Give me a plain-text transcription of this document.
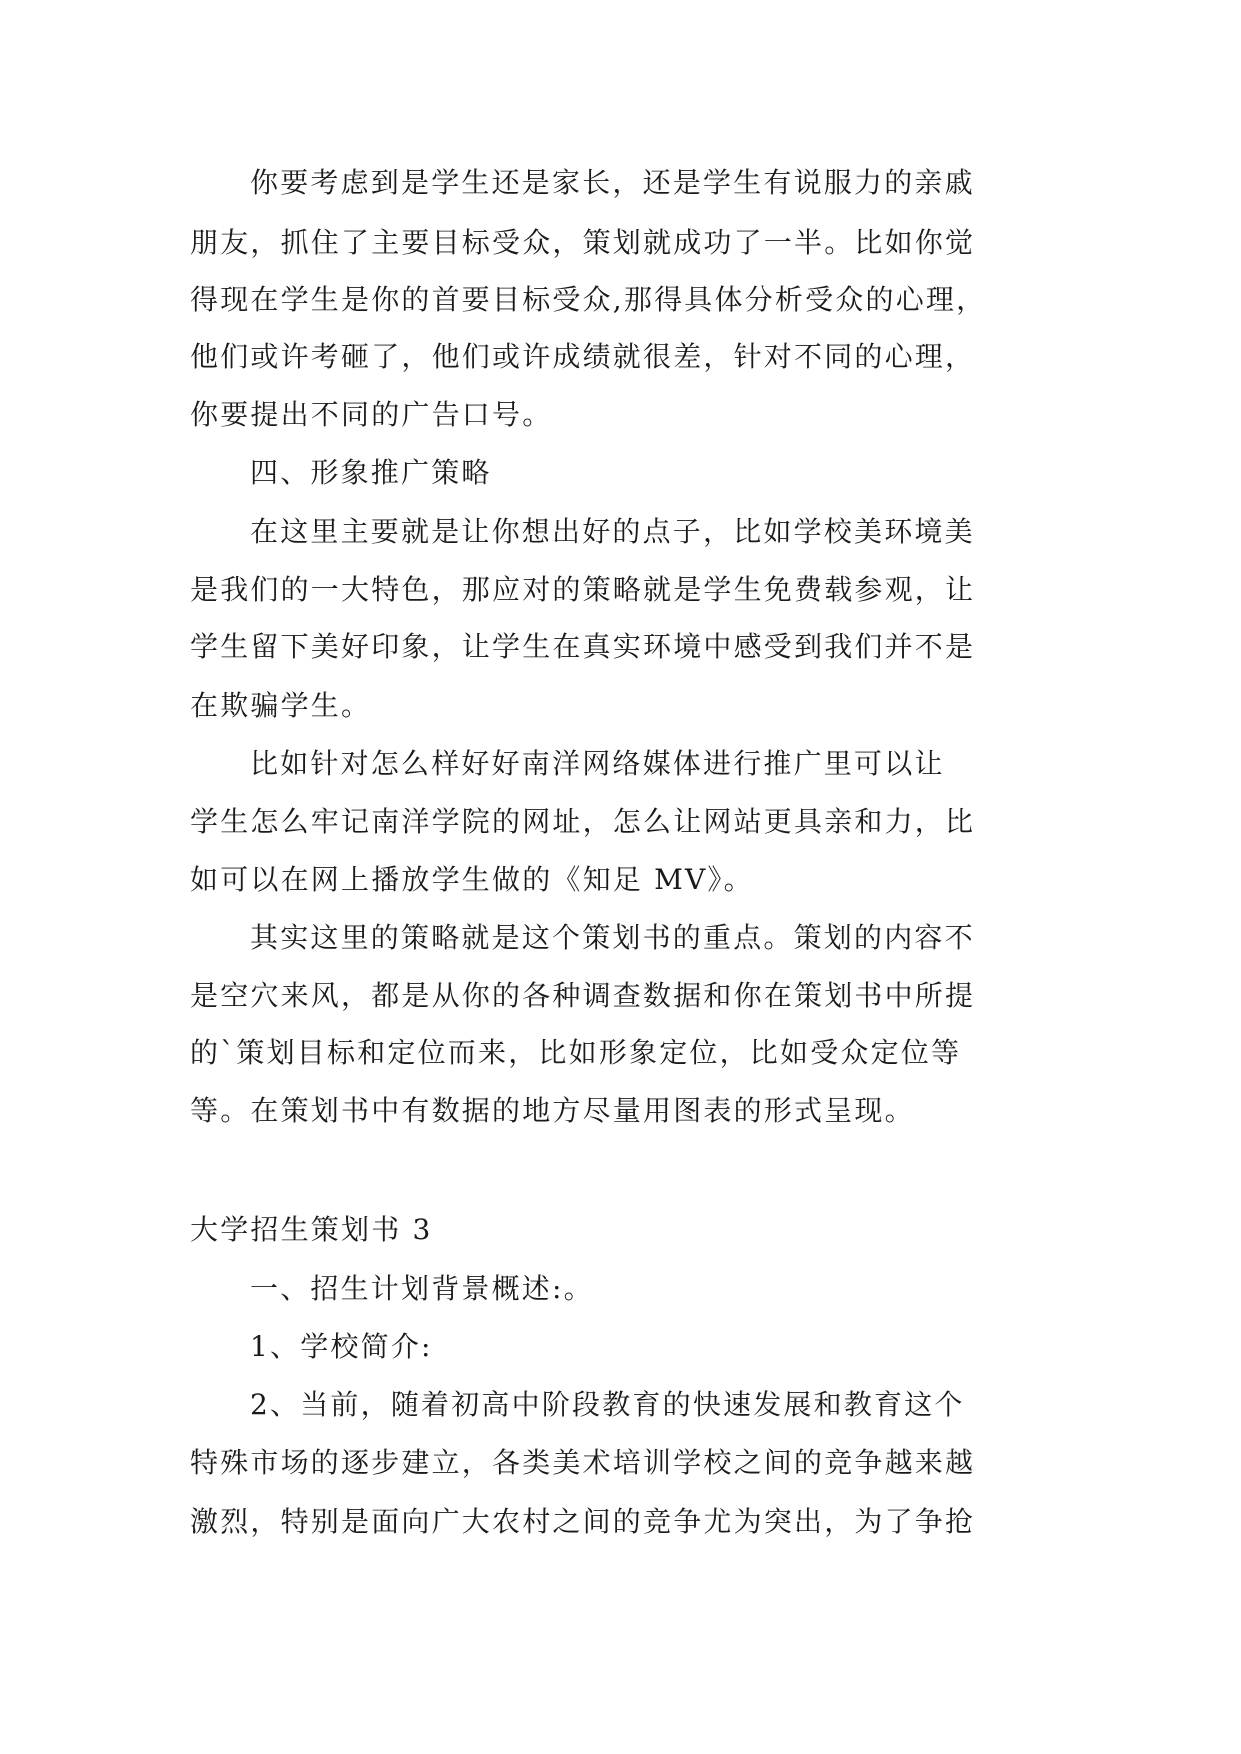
你要考虑到是学生还是家长，还是学生有说服力的亲戚
朋友，抓住了主要目标受众，策划就成功了一半。比如你觉
得现在学生是你的首要目标受众,那得具体分析受众的心理，
他们或许考砸了，他们或许成绩就很差，针对不同的心理，
你要提出不同的广告口号。
四、形象推广策略
在这里主要就是让你想出好的点子，比如学校美环境美
是我们的一大特色，那应对的策略就是学生免费载参观，让
学生留下美好印象，让学生在真实环境中感受到我们并不是
在欺骗学生。
比如针对怎么样好好南洋网络媒体进行推广里可以让
学生怎么牢记南洋学院的网址，怎么让网站更具亲和力，比
如可以在网上播放学生做的《知足 MV》。
其实这里的策略就是这个策划书的重点。策划的内容不
是空穴来风，都是从你的各种调查数据和你在策划书中所提
的`策划目标和定位而来，比如形象定位，比如受众定位等
等。在策划书中有数据的地方尽量用图表的形式呈现。
大学招生策划书 3
一、招生计划背景概述:。
1、学校简介:
2、当前，随着初高中阶段教育的快速发展和教育这个
特殊市场的逐步建立，各类美术培训学校之间的竞争越来越
激烈，特别是面向广大农村之间的竞争尤为突出，为了争抢
